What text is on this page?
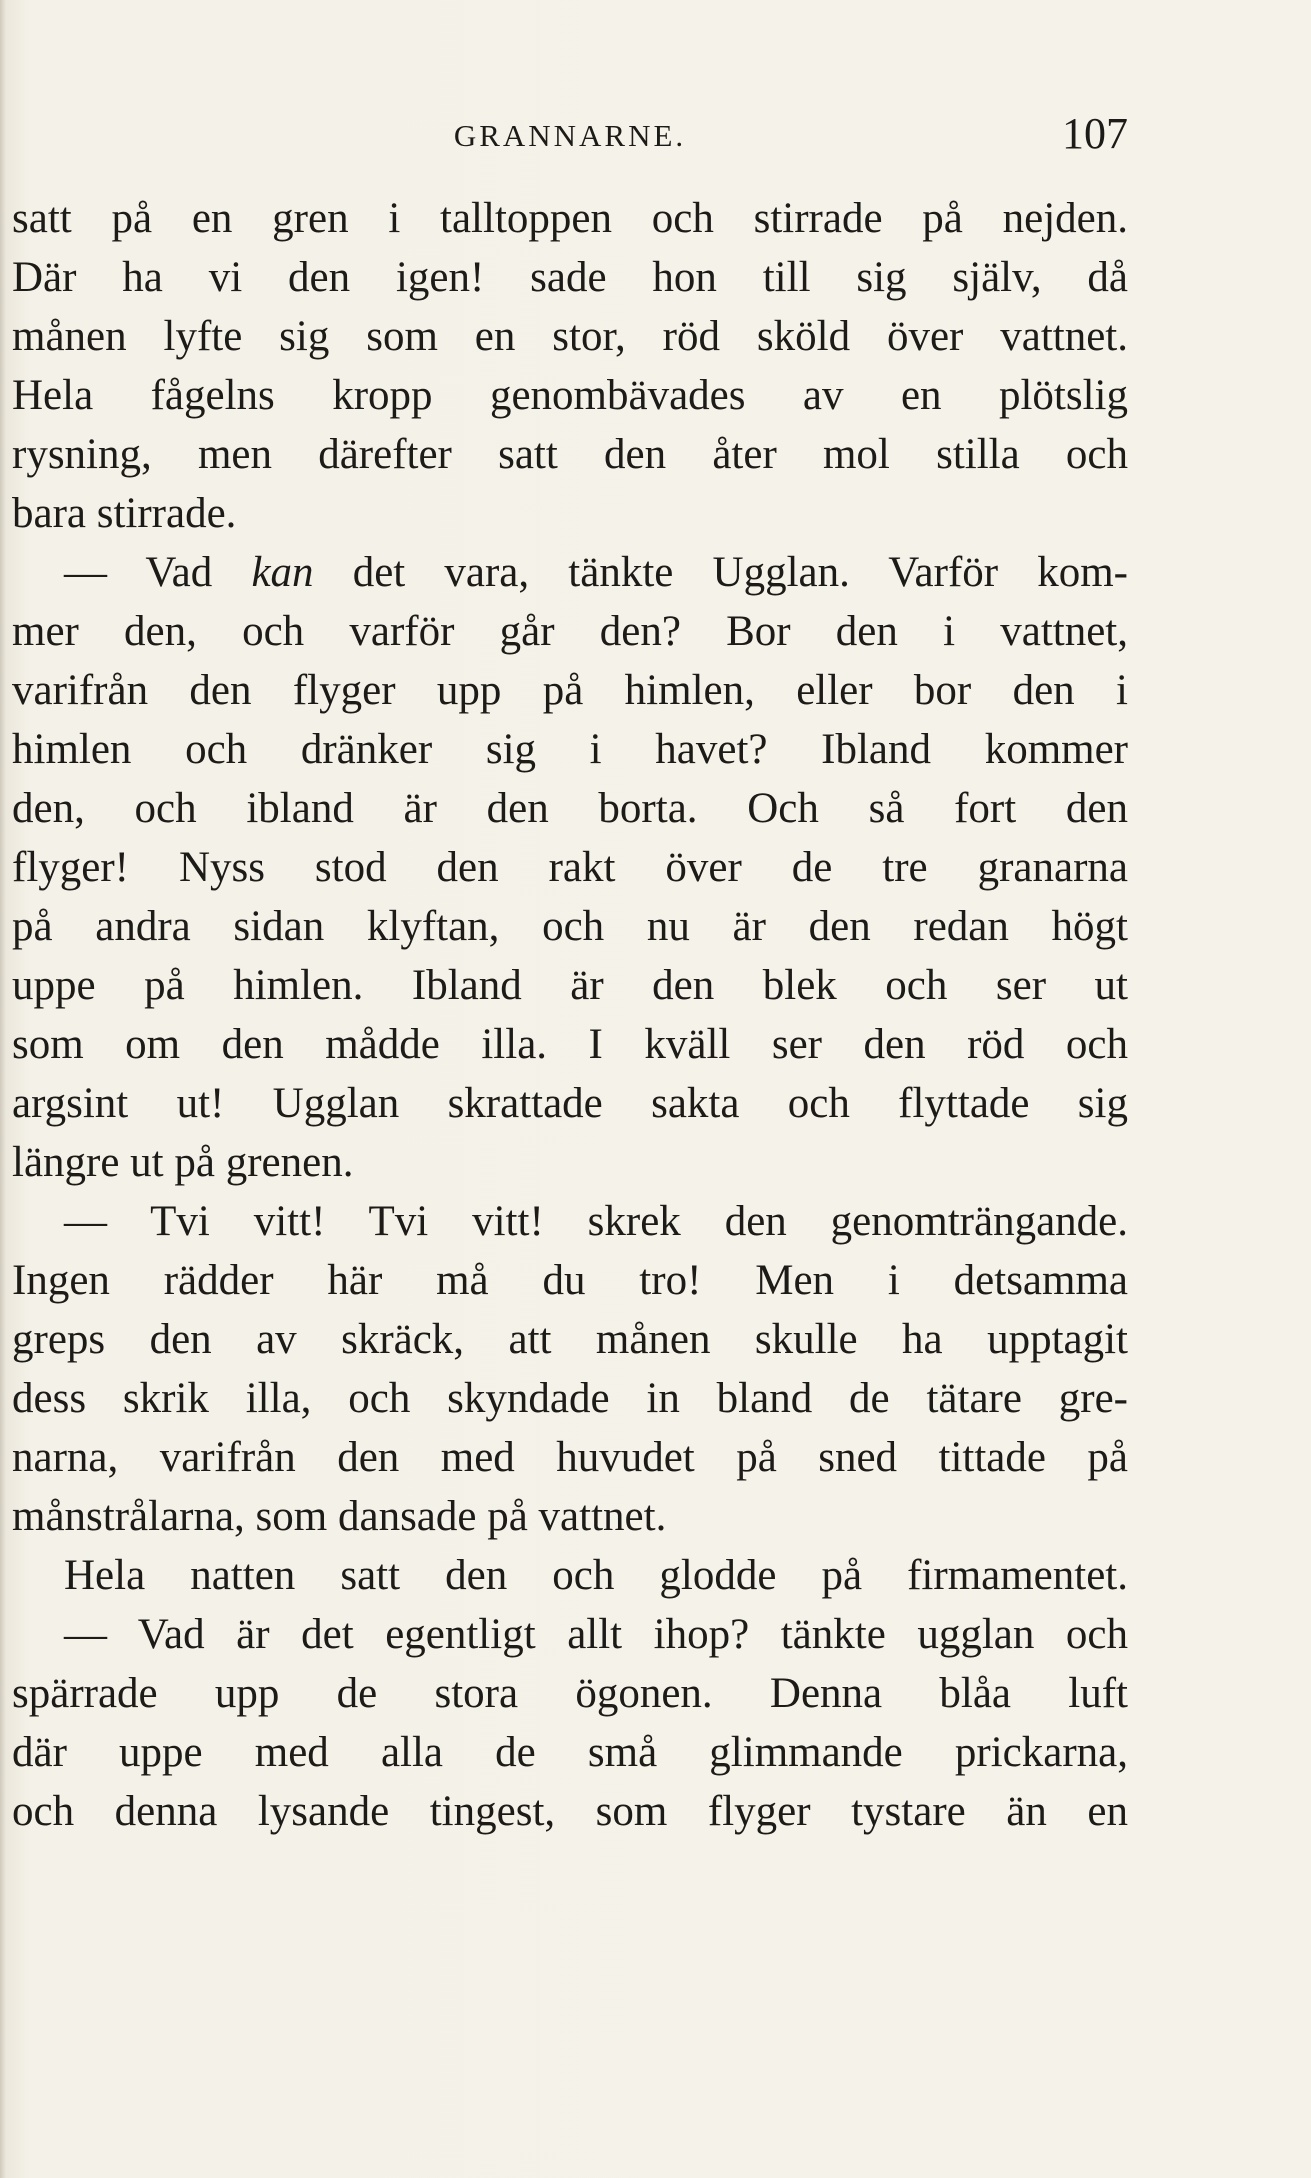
GRANNARNE.	107
satt på en gren i talltoppen och stirrade på nejden.
Där ha vi den igen! sade hon till sig själv, då
månen lyfte sig som en stor, röd sköld över vattnet.
Hela fågelns kropp genombävades av en plötslig
rysning, men därefter satt den åter mol stilla och
bara stirrade.
— Vad kan det vara, tänkte Ugglan. Varför kom-
mer den, och varför går den? Bor den i vattnet,
varifrån den flyger upp på himlen, eller bor den i
himlen och dränker sig i havet? Ibland kommer
den, och ibland är den borta. Och så fort den
flyger! Nyss stod den rakt över de tre granarna
på andra sidan klyftan, och nu är den redan högt
uppe på himlen. Ibland är den blek och ser ut
som om den mådde illa. I kväll ser den röd och
argsint ut! Ugglan skrattade sakta och flyttade sig
längre ut på grenen.
— Tvi vitt! Tvi vitt! skrek den genomträngande.
Ingen rädder här må du tro! Men i detsamma
greps den av skräck, att månen skulle ha upptagit
dess skrik illa, och skyndade in bland de tätare gre-
narna, varifrån den med huvudet på sned tittade på
månstrålarna, som dansade på vattnet.
Hela natten satt den och glodde på firmamentet.
— Vad är det egentligt allt ihop? tänkte ugglan och
spärrade upp de stora ögonen. Denna blåa luft
där uppe med alla de små glimmande prickarna,
och denna lysande tingest, som flyger tystare än en
